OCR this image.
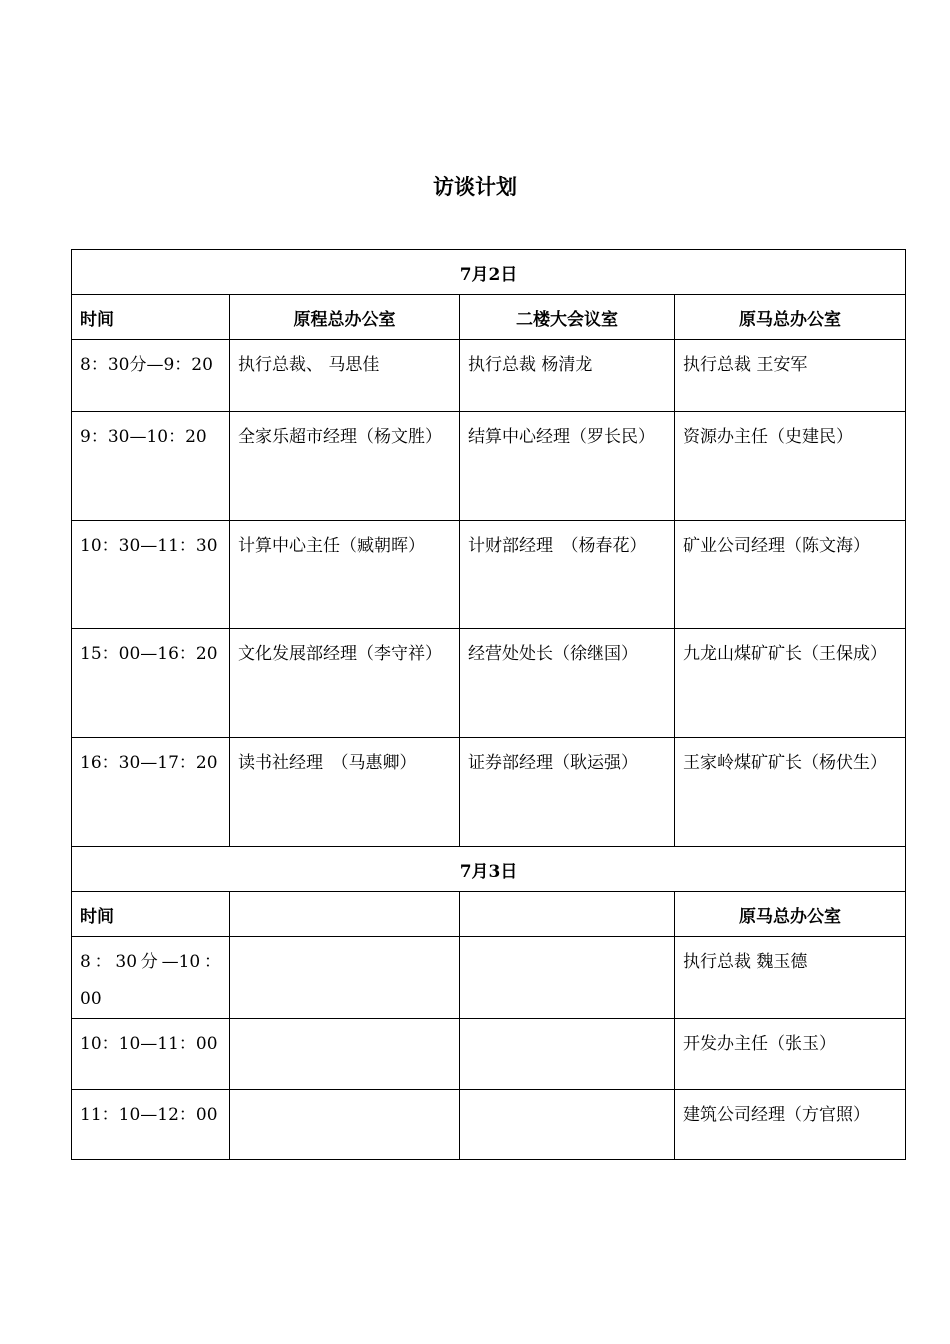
访谈计划
7月2日			
时间	原程总办公室	二楼大会议室	原马总办公室
8：30分—9：20	执行总裁、 马思佳	执行总裁 杨清龙	执行总裁 王安军
9：30—10：20	全家乐超市经理（杨文胜）	结算中心经理（罗长民）	资源办主任（史建民）
10：30—11：30	计算中心主任（臧朝晖）	计财部经理　（杨春花）	矿业公司经理（陈文海）
15：00—16：20	文化发展部经理（李守祥）	经营处处长（徐继国）	九龙山煤矿矿长（王保成）
16：30—17：20	读书社经理　（马惠卿）	证券部经理（耿运强）	王家岭煤矿矿长（杨伏生）
7月3日			
时间			原马总办公室
8：30分—10：00			执行总裁 魏玉德
10：10—11：00			开发办主任（张玉）
11：10—12：00			建筑公司经理（方官照）
